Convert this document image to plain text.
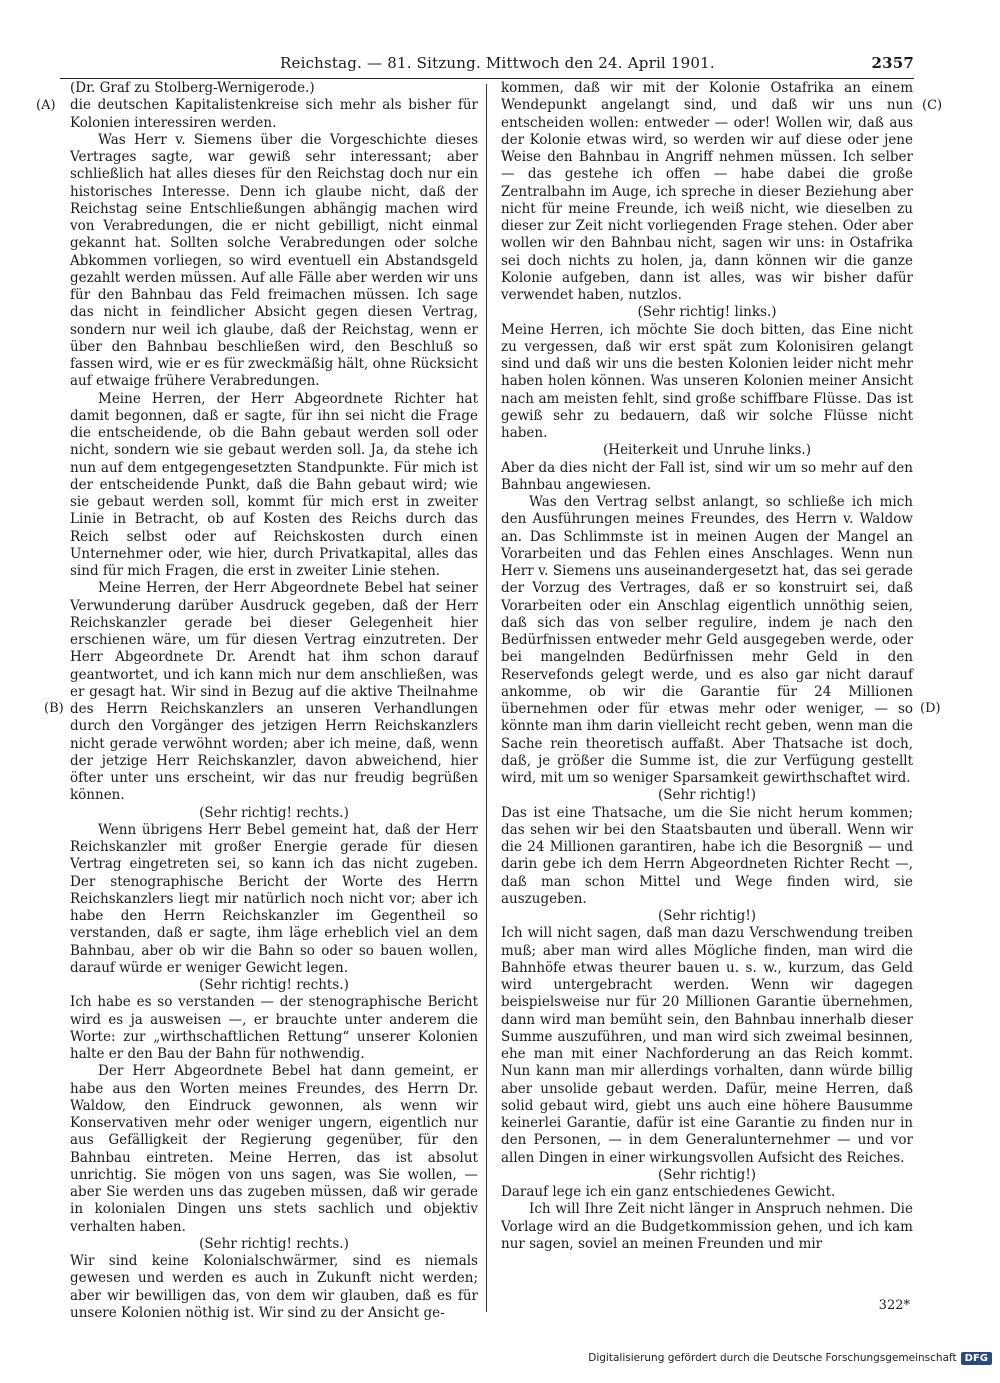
Reichstag. — 81. Sitzung. Mittwoch den 24. April 1901.	2357
(A)
(B)
(C)
(D)

(Dr. Graf zu Stolberg-Wernigerode.)

die deutschen Kapitalistenkreise sich mehr als bisher für Kolonien interessiren werden.

Was Herr v. Siemens über die Vorgeschichte dieses Vertrages sagte, war gewiß sehr interessant; aber schließlich hat alles dieses für den Reichstag doch nur ein historisches Interesse. Denn ich glaube nicht, daß der Reichstag seine Entschließungen abhängig machen wird von Verabredungen, die er nicht gebilligt, nicht einmal gekannt hat. Sollten solche Verabredungen oder solche Abkommen vorliegen, so wird eventuell ein Abstandsgeld gezahlt werden müssen. Auf alle Fälle aber werden wir uns für den Bahnbau das Feld freimachen müssen. Ich sage das nicht in feindlicher Absicht gegen diesen Vertrag, sondern nur weil ich glaube, daß der Reichstag, wenn er über den Bahnbau beschließen wird, den Beschluß so fassen wird, wie er es für zweckmäßig hält, ohne Rücksicht auf etwaige frühere Verabredungen.

Meine Herren, der Herr Abgeordnete Richter hat damit begonnen, daß er sagte, für ihn sei nicht die Frage die entscheidende, ob die Bahn gebaut werden soll oder nicht, sondern wie sie gebaut werden soll. Ja, da stehe ich nun auf dem entgegengesetzten Standpunkte. Für mich ist der entscheidende Punkt, daß die Bahn gebaut wird; wie sie gebaut werden soll, kommt für mich erst in zweiter Linie in Betracht, ob auf Kosten des Reichs durch das Reich selbst oder auf Reichskosten durch einen Unternehmer oder, wie hier, durch Privatkapital, alles das sind für mich Fragen, die erst in zweiter Linie stehen.

Meine Herren, der Herr Abgeordnete Bebel hat seiner Verwunderung darüber Ausdruck gegeben, daß der Herr Reichskanzler gerade bei dieser Gelegenheit hier erschienen wäre, um für diesen Vertrag einzutreten. Der Herr Abgeordnete Dr. Arendt hat ihm schon darauf geantwortet, und ich kann mich nur dem anschließen, was er gesagt hat. Wir sind in Bezug auf die aktive Theilnahme des Herrn Reichskanzlers an unseren Verhandlungen durch den Vorgänger des jetzigen Herrn Reichskanzlers nicht gerade verwöhnt worden; aber ich meine, daß, wenn der jetzige Herr Reichskanzler, davon abweichend, hier öfter unter uns erscheint, wir das nur freudig begrüßen können.

(Sehr richtig! rechts.)

Wenn übrigens Herr Bebel gemeint hat, daß der Herr Reichskanzler mit großer Energie gerade für diesen Vertrag eingetreten sei, so kann ich das nicht zugeben. Der stenographische Bericht der Worte des Herrn Reichskanzlers liegt mir natürlich noch nicht vor; aber ich habe den Herrn Reichskanzler im Gegentheil so verstanden, daß er sagte, ihm läge erheblich viel an dem Bahnbau, aber ob wir die Bahn so oder so bauen wollen, darauf würde er weniger Gewicht legen.

(Sehr richtig! rechts.)

Ich habe es so verstanden — der stenographische Bericht wird es ja ausweisen —, er brauchte unter anderem die Worte: zur „wirthschaftlichen Rettung“ unserer Kolonien halte er den Bau der Bahn für nothwendig.

Der Herr Abgeordnete Bebel hat dann gemeint, er habe aus den Worten meines Freundes, des Herrn Dr. Waldow, den Eindruck gewonnen, als wenn wir Konservativen mehr oder weniger ungern, eigentlich nur aus Gefälligkeit der Regierung gegenüber, für den Bahnbau eintreten. Meine Herren, das ist absolut unrichtig. Sie mögen von uns sagen, was Sie wollen, — aber Sie werden uns das zugeben müssen, daß wir gerade in kolonialen Dingen uns stets sachlich und objektiv verhalten haben.

(Sehr richtig! rechts.)

Wir sind keine Kolonialschwärmer, sind es niemals gewesen und werden es auch in Zukunft nicht werden; aber wir bewilligen das, von dem wir glauben, daß es für unsere Kolonien nöthig ist. Wir sind zu der Ansicht ge-

kommen, daß wir mit der Kolonie Ostafrika an einem Wendepunkt angelangt sind, und daß wir uns nun entscheiden wollen: entweder — oder! Wollen wir, daß aus der Kolonie etwas wird, so werden wir auf diese oder jene Weise den Bahnbau in Angriff nehmen müssen. Ich selber — das gestehe ich offen — habe dabei die große Zentralbahn im Auge, ich spreche in dieser Beziehung aber nicht für meine Freunde, ich weiß nicht, wie dieselben zu dieser zur Zeit nicht vorliegenden Frage stehen. Oder aber wollen wir den Bahnbau nicht, sagen wir uns: in Ostafrika sei doch nichts zu holen, ja, dann können wir die ganze Kolonie aufgeben, dann ist alles, was wir bisher dafür verwendet haben, nutzlos.

(Sehr richtig! links.)

Meine Herren, ich möchte Sie doch bitten, das Eine nicht zu vergessen, daß wir erst spät zum Kolonisiren gelangt sind und daß wir uns die besten Kolonien leider nicht mehr haben holen können. Was unseren Kolonien meiner Ansicht nach am meisten fehlt, sind große schiffbare Flüsse. Das ist gewiß sehr zu bedauern, daß wir solche Flüsse nicht haben.

(Heiterkeit und Unruhe links.)

Aber da dies nicht der Fall ist, sind wir um so mehr auf den Bahnbau angewiesen.

Was den Vertrag selbst anlangt, so schließe ich mich den Ausführungen meines Freundes, des Herrn v. Waldow an. Das Schlimmste ist in meinen Augen der Mangel an Vorarbeiten und das Fehlen eines Anschlages. Wenn nun Herr v. Siemens uns auseinandergesetzt hat, das sei gerade der Vorzug des Vertrages, daß er so konstruirt sei, daß Vorarbeiten oder ein Anschlag eigentlich unnöthig seien, daß sich das von selber regulire, indem je nach den Bedürfnissen entweder mehr Geld ausgegeben werde, oder bei mangelnden Bedürfnissen mehr Geld in den Reservefonds gelegt werde, und es also gar nicht darauf ankomme, ob wir die Garantie für 24 Millionen übernehmen oder für etwas mehr oder weniger, — so könnte man ihm darin vielleicht recht geben, wenn man die Sache rein theoretisch auffaßt. Aber Thatsache ist doch, daß, je größer die Summe ist, die zur Verfügung gestellt wird, mit um so weniger Sparsamkeit gewirthschaftet wird.

(Sehr richtig!)

Das ist eine Thatsache, um die Sie nicht herum kommen; das sehen wir bei den Staatsbauten und überall. Wenn wir die 24 Millionen garantiren, habe ich die Besorgniß — und darin gebe ich dem Herrn Abgeordneten Richter Recht —, daß man schon Mittel und Wege finden wird, sie auszugeben.

(Sehr richtig!)

Ich will nicht sagen, daß man dazu Verschwendung treiben muß; aber man wird alles Mögliche finden, man wird die Bahnhöfe etwas theurer bauen u. s. w., kurzum, das Geld wird untergebracht werden. Wenn wir dagegen beispielsweise nur für 20 Millionen Garantie übernehmen, dann wird man bemüht sein, den Bahnbau innerhalb dieser Summe auszuführen, und man wird sich zweimal besinnen, ehe man mit einer Nachforderung an das Reich kommt. Nun kann man mir allerdings vorhalten, dann würde billig aber unsolide gebaut werden. Dafür, meine Herren, daß solid gebaut wird, giebt uns auch eine höhere Bausumme keinerlei Garantie, dafür ist eine Garantie zu finden nur in den Personen, — in dem Generalunternehmer — und vor allen Dingen in einer wirkungsvollen Aufsicht des Reiches.

(Sehr richtig!)

Darauf lege ich ein ganz entschiedenes Gewicht.

Ich will Ihre Zeit nicht länger in Anspruch nehmen. Die Vorlage wird an die Budgetkommission gehen, und ich kam nur sagen, soviel an meinen Freunden und mir

322*
Digitalisierung gefördert durch die Deutsche Forschungsgemeinschaft DFG
